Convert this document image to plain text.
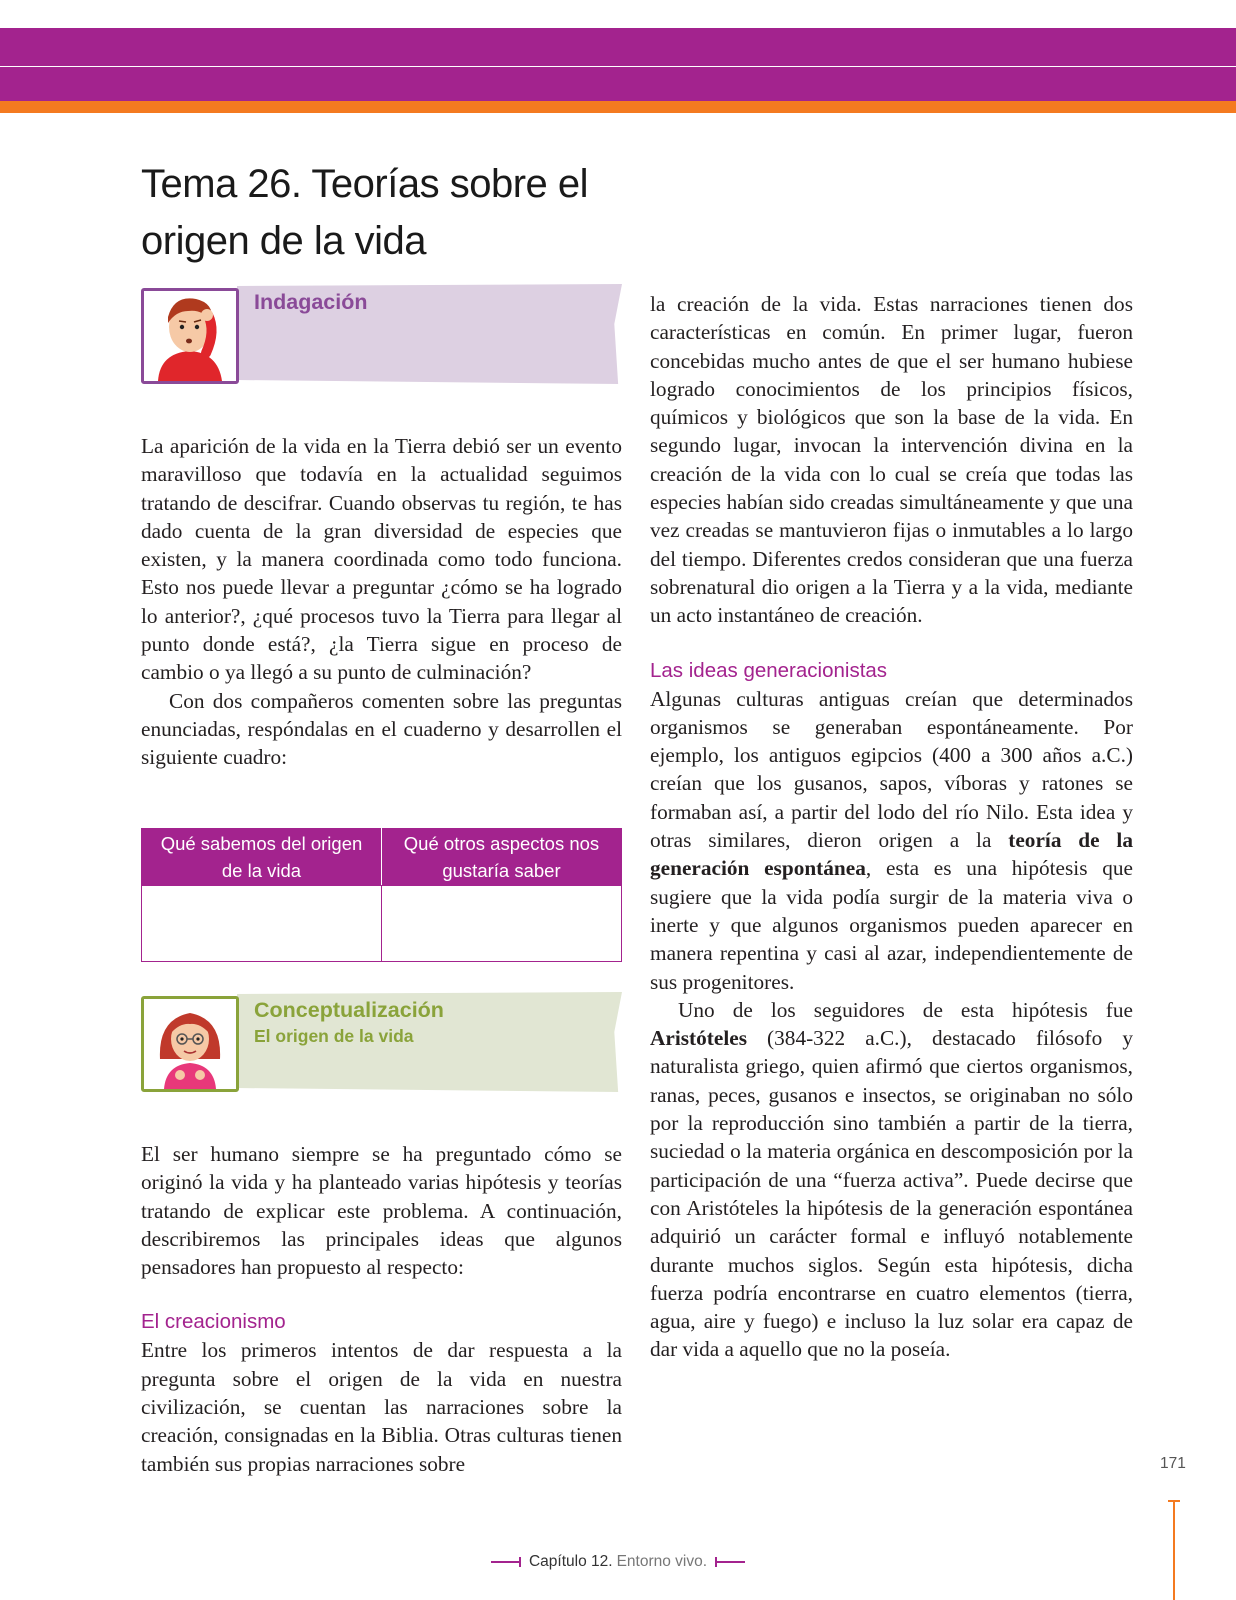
Tema 26. Teorías sobre el
origen de la vida
Indagación

La aparición de la vida en la Tierra debió ser un evento maravilloso que todavía en la actualidad seguimos tratando de descifrar. Cuando observas tu región, te has dado cuenta de la gran diversidad de especies que existen, y la manera coordinada como todo funciona. Esto nos puede llevar a preguntar ¿cómo se ha logrado lo anterior?, ¿qué procesos tuvo la Tierra para llegar al punto donde está?, ¿la Tierra sigue en proceso de cambio o ya llegó a su punto de culminación?

Con dos compañeros comenten sobre las preguntas enunciadas, respóndalas en el cuaderno y desarrollen el siguiente cuadro:

Qué sabemos del origen de la vida	Qué otros aspectos nos gustaría saber

Conceptualización
El origen de la vida

El ser humano siempre se ha preguntado cómo se originó la vida y ha planteado varias hipótesis y teorías tratando de explicar este problema. A continuación, describiremos las principales ideas que algunos pensadores han propuesto al respecto:

El creacionismo

Entre los primeros intentos de dar respuesta a la pregunta sobre el origen de la vida en nuestra civilización, se cuentan las narraciones sobre la creación, consignadas en la Biblia. Otras culturas tienen también sus propias narraciones sobre

la creación de la vida. Estas narraciones tienen dos características en común. En primer lugar, fueron concebidas mucho antes de que el ser humano hubiese logrado conocimientos de los principios físicos, químicos y biológicos que son la base de la vida. En segundo lugar, invocan la intervención divina en la creación de la vida con lo cual se creía que todas las especies habían sido creadas simultáneamente y que una vez creadas se mantuvieron fijas o inmutables a lo largo del tiempo. Diferentes credos consideran que una fuerza sobrenatural dio origen a la Tierra y a la vida, mediante un acto instantáneo de creación.

Las ideas generacionistas

Algunas culturas antiguas creían que determinados organismos se generaban espontáneamente. Por ejemplo, los antiguos egipcios (400 a 300 años a.C.) creían que los gusanos, sapos, víboras y ratones se formaban así, a partir del lodo del río Nilo. Esta idea y otras similares, dieron origen a la teoría de la generación espontánea, esta es una hipótesis que sugiere que la vida podía surgir de la materia viva o inerte y que algunos organismos pueden aparecer en manera repentina y casi al azar, independientemente de sus progenitores.

Uno de los seguidores de esta hipótesis fue Aristóteles (384-322 a.C.), destacado filósofo y naturalista griego, quien afirmó que ciertos organismos, ranas, peces, gusanos e insectos, se originaban no sólo por la reproducción sino también a partir de la tierra, suciedad o la materia orgánica en descomposición por la participación de una “fuerza activa”. Puede decirse que con Aristóteles la hipótesis de la generación espontánea adquirió un carácter formal e influyó notablemente durante muchos siglos. Según esta hipótesis, dicha fuerza podría encontrarse en cuatro elementos (tierra, agua, aire y fuego) e incluso la luz solar era capaz de dar vida a aquello que no la poseía.

171
Capítulo 12. Entorno vivo.
